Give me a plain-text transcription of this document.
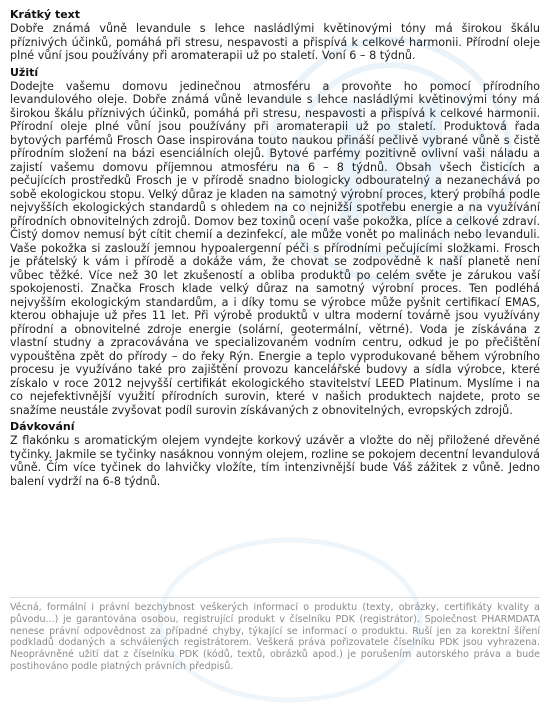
Krátký text

Dobře známá vůně levandule s lehce nasládlými květinovými tóny má širokou škálu příznivých účinků, pomáhá při stresu, nespavosti a přispívá k celkové harmonii. Přírodní oleje plné vůní jsou používány při aromaterapii už po staletí. Voní 6 – 8 týdnů.

Užití

Dodejte vašemu domovu jedinečnou atmosféru a provoňte ho pomocí přírodního levandulového oleje. Dobře známá vůně levandule s lehce nasládlými květinovými tóny má širokou škálu příznivých účinků, pomáhá při stresu, nespavosti a přispívá k celkové harmonii. Přírodní oleje plné vůní jsou používány při aromaterapii už po staletí. Produktová řada bytových parfémů Frosch Oase inspirována touto naukou přináší pečlivě vybrané vůně s čistě přírodním složení na bázi esenciálních olejů. Bytové parfémy pozitivně ovlivní vaši náladu a zajistí vašemu domovu příjemnou atmosféru na 6 – 8 týdnů. Obsah všech čisticích a pečujících prostředků Frosch je v přírodě snadno biologicky odbouratelný a nezanechává po sobě ekologickou stopu. Velký důraz je kladen na samotný výrobní proces, který probíhá podle nejvyšších ekologických standardů s ohledem na co nejnižší spotřebu energie a na využívání přírodních obnovitelných zdrojů. Domov bez toxinů ocení vaše pokožka, plíce a celkové zdraví. Čistý domov nemusí být cítit chemií a dezinfekcí, ale může vonět po malinách nebo levanduli. Vaše pokožka si zaslouží jemnou hypoalergenní péči s přírodními pečujícími složkami. Frosch je přátelský k vám i přírodě a dokáže vám, že chovat se zodpovědně k naší planetě není vůbec těžké. Více než 30 let zkušeností a obliba produktů po celém světe je zárukou vaší spokojenosti. Značka Frosch klade velký důraz na samotný výrobní proces. Ten podléhá nejvyšším ekologickým standardům, a i díky tomu se výrobce může pyšnit certifikací EMAS, kterou obhajuje už přes 11 let. Při výrobě produktů v ultra moderní továrně jsou využívány přírodní a obnovitelné zdroje energie (solární, geotermální, větrné). Voda je získávána z vlastní studny a zpracovávána ve specializovaném vodním centru, odkud je po přečištění vypouštěna zpět do přírody – do řeky Rýn. Energie a teplo vyprodukované během výrobního procesu je využíváno také pro zajištění provozu kancelářské budovy a sídla výrobce, které získalo v roce 2012 nejvyšší certifikát ekologického stavitelství LEED Platinum. Myslíme i na co nejefektivnější využití přírodních surovin, které v našich produktech najdete, proto se snažíme neustále zvyšovat podíl surovin získávaných z obnovitelných, evropských zdrojů.

Dávkování

Z flakónku s aromatickým olejem vyndejte korkový uzávěr a vložte do něj přiložené dřevěné tyčinky. Jakmile se tyčinky nasáknou vonným olejem, rozline se pokojem decentní levandulová vůně. Čím více tyčinek do lahvičky vložíte, tím intenzivnější bude Váš zážitek z vůně. Jedno balení vydrží na 6-8 týdnů.

Věcná, formální i právní bezchybnost veškerých informací o produktu (texty, obrázky, certifikáty kvality a původu...) je garantována osobou, registrující produkt v číselníku PDK (registrátor). Společnost PHARMDATA nenese právní odpovědnost za případné chyby, týkající se informací o produktu. Ruší jen za korektní šíření podkladů dodaných a schválených registrátorem. Veškerá práva pořizovatele číselníku PDK jsou vyhrazena. Neoprávněné užití dat z číselníku PDK (kódů, textů, obrázků apod.) je porušením autorského práva a bude postihováno podle platných právních předpisů.
